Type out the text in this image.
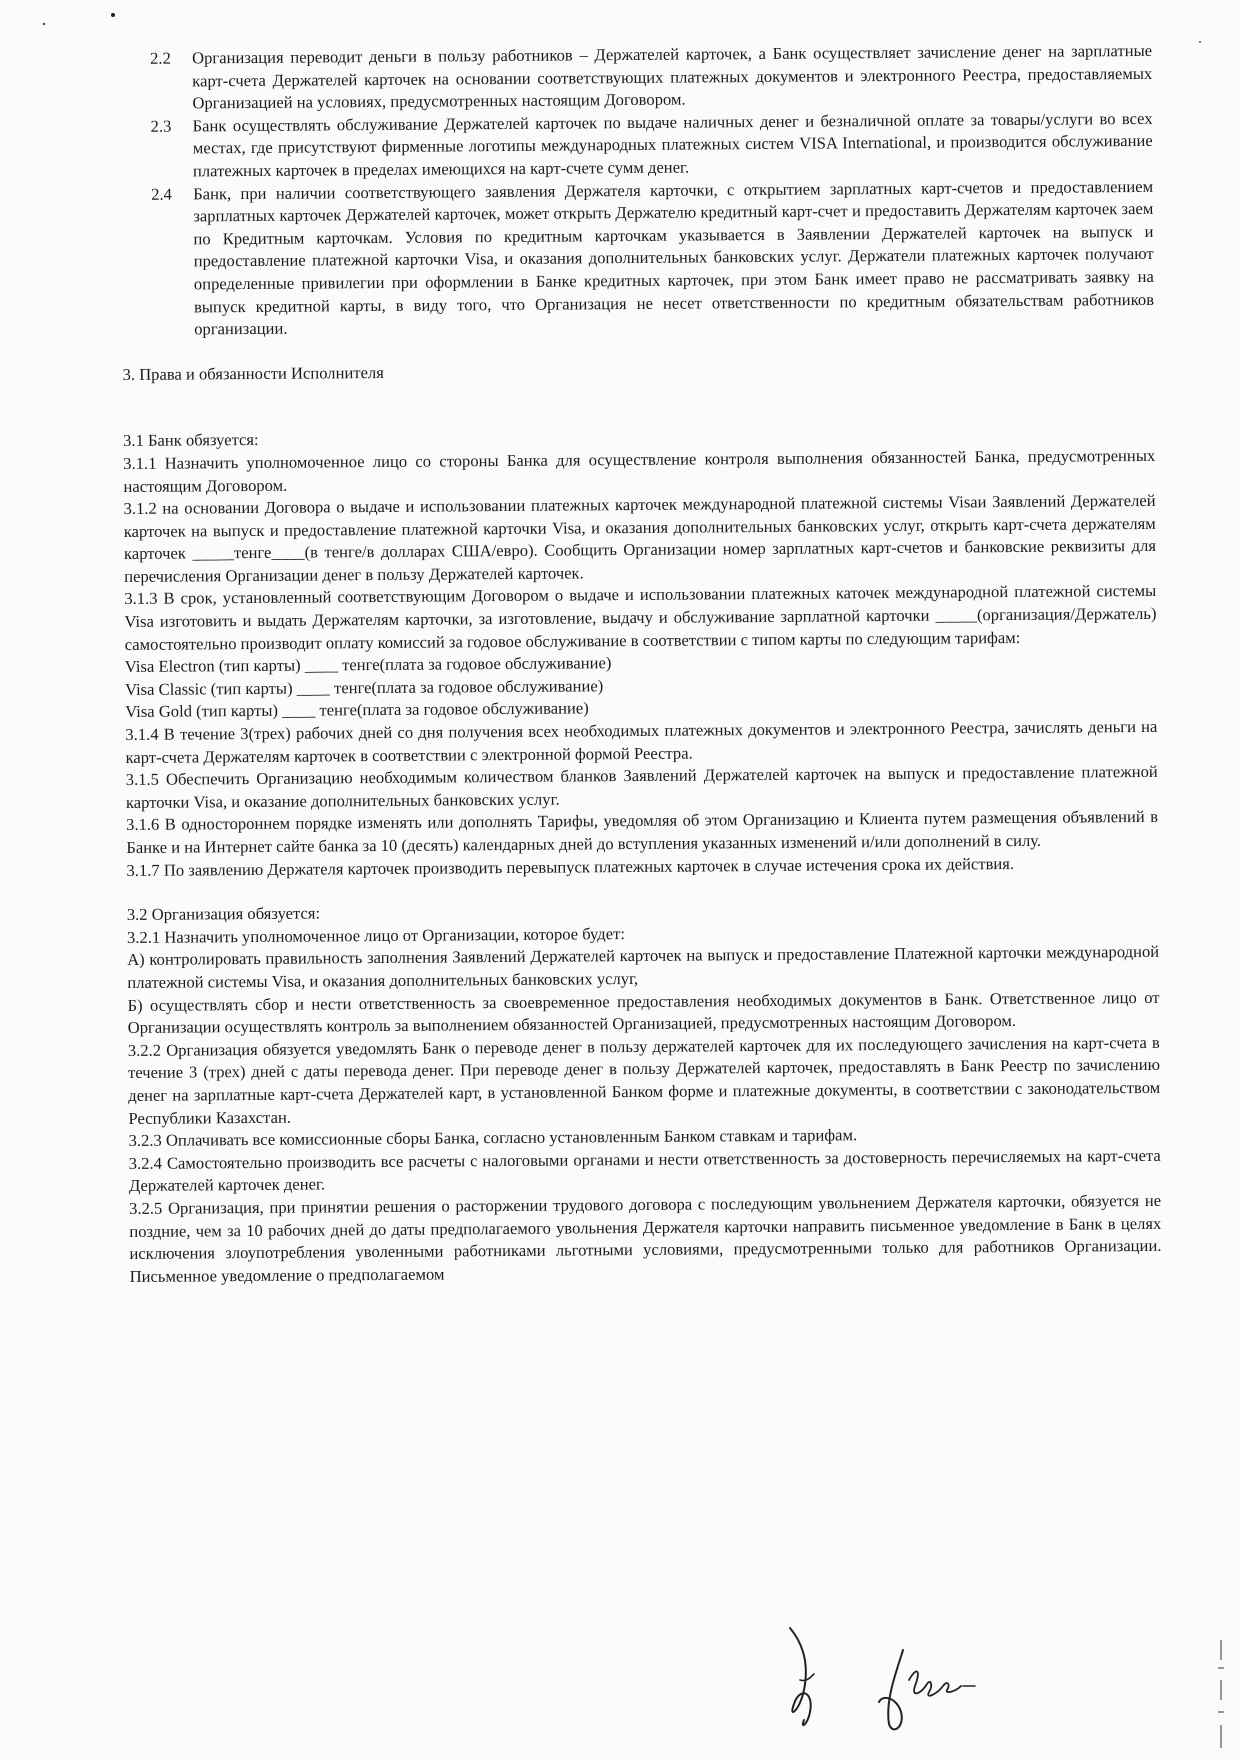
2.2	Организация переводит деньги в пользу работников – Держателей карточек, а Банк осуществляет зачисление денег на зарплатные карт-счета Держателей карточек на основании соответствующих платежных документов и электронного Реестра, предоставляемых Организацией на условиях, предусмотренных настоящим Договором.
2.3	Банк осуществлять обслуживание Держателей карточек по выдаче наличных денег и безналичной оплате за товары/услуги во всех местах, где присутствуют фирменные логотипы международных платежных систем VISA International, и производится обслуживание платежных карточек в пределах имеющихся на карт-счете сумм денег.
2.4	Банк, при наличии соответствующего заявления Держателя карточки, с открытием зарплатных карт-счетов и предоставлением зарплатных карточек Держателей карточек, может открыть Держателю кредитный карт-счет и предоставить Держателям карточек заем по Кредитным карточкам. Условия по кредитным карточкам указывается в Заявлении Держателей карточек на выпуск и предоставление платежной карточки Visa, и оказания дополнительных банковских услуг. Держатели платежных карточек получают определенные привилегии при оформлении в Банке кредитных карточек, при этом Банк имеет право не рассматривать заявку на выпуск кредитной карты, в виду того, что Организация не несет ответственности по кредитным обязательствам работников организации.
3. Права и обязанности Исполнителя

3.1 Банк обязуется:

3.1.1 Назначить уполномоченное лицо со стороны Банка для осуществление контроля выполнения обязанностей Банка, предусмотренных настоящим Договором.

3.1.2 на основании Договора о выдаче и использовании платежных карточек международной платежной системы Visaи Заявлений Держателей карточек на выпуск и предоставление платежной карточки Visa, и оказания дополнительных банковских услуг, открыть карт-счета держателям карточек _____тенге____(в тенге/в долларах США/евро). Сообщить Организации номер зарплатных карт-счетов и банковские реквизиты для перечисления Организации денег в пользу Держателей карточек.

3.1.3 В срок, установленный соответствующим Договором о выдаче и использовании платежных каточек международной платежной системы Visa изготовить и выдать Держателям карточки, за изготовление, выдачу и обслуживание зарплатной карточки _____(организация/Держатель) самостоятельно производит оплату комиссий за годовое обслуживание в соответствии с типом карты по следующим тарифам:

Visa Electron (тип карты) ____ тенге(плата за годовое обслуживание)

Visa Classic (тип карты) ____ тенге(плата за годовое обслуживание)

Visa Gold (тип карты) ____ тенге(плата за годовое обслуживание)

3.1.4 В течение 3(трех) рабочих дней со дня получения всех необходимых платежных документов и электронного Реестра, зачислять деньги на карт-счета Держателям карточек в соответствии с электронной формой Реестра.

3.1.5 Обеспечить Организацию необходимым количеством бланков Заявлений Держателей карточек на выпуск и предоставление платежной карточки Visa, и оказание дополнительных банковских услуг.

3.1.6 В одностороннем порядке изменять или дополнять Тарифы, уведомляя об этом Организацию и Клиента путем размещения объявлений в Банке и на Интернет сайте банка за 10 (десять) календарных дней до вступления указанных изменений и/или дополнений в силу.

3.1.7 По заявлению Держателя карточек производить перевыпуск платежных карточек в случае истечения срока их действия.

3.2 Организация обязуется:

3.2.1 Назначить уполномоченное лицо от Организации, которое будет:

А) контролировать правильность заполнения Заявлений Держателей карточек на выпуск и предоставление Платежной карточки международной платежной системы Visa, и оказания дополнительных банковских услуг,

Б) осуществлять сбор и нести ответственность за своевременное предоставления необходимых документов в Банк. Ответственное лицо от Организации осуществлять контроль за выполнением обязанностей Организацией, предусмотренных настоящим Договором.

3.2.2 Организация обязуется уведомлять Банк о переводе денег в пользу держателей карточек для их последующего зачисления на карт-счета в течение 3 (трех) дней с даты перевода денег. При переводе денег в пользу Держателей карточек, предоставлять в Банк Реестр по зачислению денег на зарплатные карт-счета Держателей карт, в установленной Банком форме и платежные документы, в соответствии с законодательством Республики Казахстан.

3.2.3 Оплачивать все комиссионные сборы Банка, согласно установленным Банком ставкам и тарифам.

3.2.4 Самостоятельно производить все расчеты с налоговыми органами и нести ответственность за достоверность перечисляемых на карт-счета Держателей карточек денег.

3.2.5 Организация, при принятии решения о расторжении трудового договора с последующим увольнением Держателя карточки, обязуется не поздние, чем за 10 рабочих дней до даты предполагаемого увольнения Держателя карточки направить письменное уведомление в Банк в целях исключения злоупотребления уволенными работниками льготными условиями, предусмотренными только для работников Организации. Письменное уведомление о предполагаемом
